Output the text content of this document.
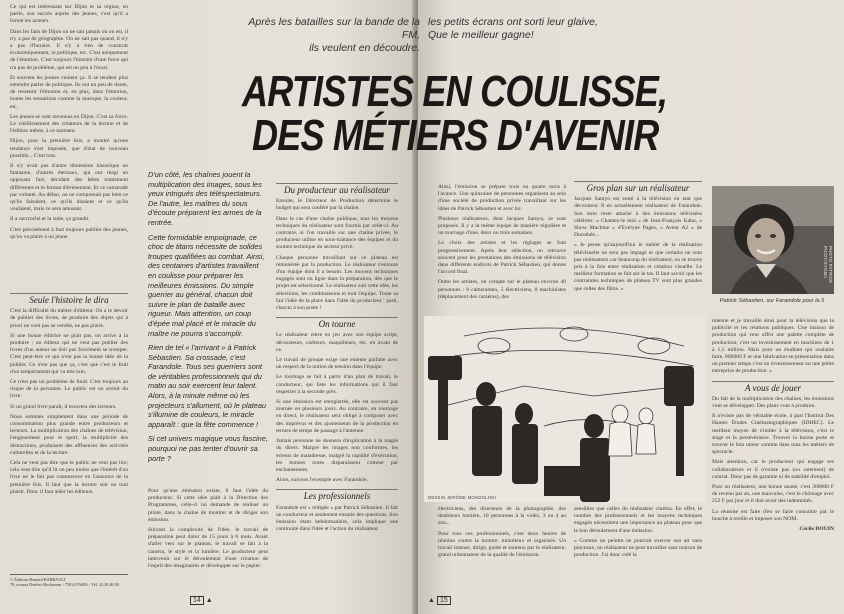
Ce qui est intéressant sur Dijon et sa région, en partie, son succès auprès des jeunes, c'est qu'il a formé les acteurs.

Dans les faits de Dijon on ne sait jamais où on est, il n'y a pas de géographie. On ne sait pas quand, il n'y a pas d'horaire. Il n'y a rien de construit économiquement, ni politique, etc. C'est uniquement de l'émotion. C'est toujours l'histoire d'une force qui n'a pas de problème, qui est un peu à l'écart.

Et souvent les jeunes veulent ça. Il se tendent plus entendre parler de politique. Ils ont un peu de doute, de ressentir l'émotion et, en plus, dans l'émotion, toutes les sensations comme la musique, la couleur, etc.

Les jeunes se sont reconnus en Dijon. C'est sa force. Le vieillissement des créateurs de la lecture et de l'édition même, à ce moment.

Dijon, pour la première fois, a montré qu'une tendance s'est imposée, que d'état de nouveau possible... C'est tout.

Il n'y avait pas d'autre dimension historique un fantasme, d'autres éternaux, qui ont réagi en opposant l'art, décidant des bêtes totalement différentes et le format d'événement. Et ce camarade par volonté. Au début, on ne comprenait pas bien ce qu'ils faisaient, ce qu'ils disaient et ce qu'ils voulaient, mais ce sera amusant.

Il a raccroché et la suite, ça grandit.

C'est précisément à faut toujours publier des jeunes, qu'on va plaire à un jeune.

Seule l'histoire le dira

C'est la difficulté du métier d'éditeur. On a le devoir de publier des livres, de produire des objets qui à priori ne vont pas se vendre, ne pas plaire.

Si une bonne éditrice ne plait pas, on arrive à la produire ; un éditeur qui ne veut pas publier des livres d'un auteur ne doit pas forcément se tromper. C'est peut-être ce qui n'est pas la bonne idée de la publier. Ce n'est pas que ça, c'est que c'est le fruit d'un tempérament qui va très loin.

Ce n'est pas un problème de fond. C'est toujours au risque de la personne. Le public est un avenir du livre.

Si un grand livre paraît, il trouvera des lecteurs.

Nous sommes simplement dans une période de consommation plus grande entre producteurs et lecteurs. La multiplication des chaînes de télévision, l'engouement pour le sport, la multiplicité des distractions, produisent des affluences des activités culturelles et de la lecture.

Cela ne veut pas dire que le public ne veut pas lire; cela veut dire qu'il lit un peu moins que l'intérêt d'un livre ne le fait pas commencer en l'annonce de la première fois. Il faut que la lecture soit un tout plaisir. Donc il faut aider les éditeurs.

© Éditions Bernard BARRAULT
79, avenue Denfert-Rochereau - 75014 PARIS - Tél. 43.20.46.98

D'un côté, les chaînes jouent la multiplication des images, sous les yeux intrigués des téléspectateurs. De l'autre, les maîtres du sous d'écoute préparent les armes de la rentrée.

Cette formidable empoignade, ce choc de titans nécessite de solides troupes qualifiées au combat. Ainsi, des centaines d'artistes travaillent en coulisse pour préparer les meilleures émissions. Du simple guerrier au général, chacun doit suivre le plan de bataille avec rigueur. Mais attention, un coup d'épée mal placé et le miracle du maître ne pourra s'accomplir.

Rien de tel « l'arrivant » à Patrick Sébastien. Sa crossade, c'est Farandole. Tous ses guerriers sont de véritables professionnels qui du matin au soir exercent leur talent. Alors, à la minute même où les projecteurs s'allument, où le plateau s'illumine de couleurs, le miracle apparaît : que la fête commence !

Si cet univers magique vous fascine, pourquoi ne pas tenter d'ouvrir sa porte ?

Pour qu'une émission existe, il faut l'idée du producteur. Si cette idée plaît à la Direction des Programmes, celle-ci lui demande de réaliser un pilote, dans la chaîne de montrer et de diriger son émission.

Suivant la complexité de l'idée, le travail de préparation peut durer de 15 jours à 6 mois. Avant d'aller vers sur le plateau, le travail se fait à la caméra, le style et la lumière. Le producteur peut intervenir sur le déroulement d'une création de l'esprit des imaginaires et développer sur le papier.

Du producteur au réalisateur

Ensuite, le Directeur de Production détermine le budget qui sera conféré par la chaîne.

Dans le cas d'une chaîne publique, tous les moyens techniques du réalisateur sont fournis par celle-ci. Au contraire, si l'on travaille sur une chaîne privée, le producteur utilise en sous-traitance des équipes et du soutien technique du secteur privé.

Chaque personne travaillant sur ce plateau est rémunérée par la production. Le réalisateur s'entoure d'un équipe dont il a besoin. Les moyens techniques engagés sont en ligne dans la préparation, dès que le projet est sélectionné. Le réalisateur suit cette idée, les sélections, les combinaisons et tout l'équipe. Toute sa fait l'idée de la place dans l'idée du producteur : parti, chacun à son poste !

On tourne

Le réalisateur entre en jeu avec son équipe script, décorateurs, cadreurs, maquilleurs, etc. en avant de ce.

Le travail de groupe exige une entente parfaite avec un respect de la notion de tension dans l'équipe.

Le tournage se fait à partir d'un plan de travail, le conducteur, qui liste les informations qui il faut respecter à la seconde près.

Si une émission est enregistrée, elle est souvent pas tournée en plusieurs jours. Au contraire, en tournage en direct, le réalisateur sera obligé à composer avec des imprévus et des ajustements de la production en termes de temps de passage à l'antenne.

Jamais personne ne donnera d'explication à la magie du direct. Malgré les images non conformes, les erreurs de maladresse, malgré la rapidité d'exécution, les bonnes notes disparaissent comme par enchantement.

Alors, suivons l'exemple avec Farandole.

Les professionnels

Farandole est « rédigée » par Patrick Sébastien. Il fait un conducteur et seulement ensuite des questions. Son émission étant hebdomadaire, cela implique une continuité dans l'idée et l'action du réalisateur.

14 ▲

Ainsi, l'émission se prépare trois ou quatre mois à l'avance. Une quinzaine de personnes organisent au sein d'une société de production privée travaillant sur les idées de Patrick Sébastien et avec lui.

Plusieurs réalisateurs, dont Jacques Samyn, se sont proposés. Il y a la même équipe de manière régulière et un tournage d'une, deux ou trois semaines.

Le choix des artistes et les réglages se font progressivement. Après leur sélection, on retrouve souvent pour les prestations des émissions de télévision dans différents endroits de Patrick Sébastien, qui donne l'accord final.

Outre les artistes, on compte sur le plateau environ 40 personnes : 8 cameramen, 5 électriciens, 8 machinistes (déplacement des caméras), des

Gros plan sur un réalisateur

Jacques Samyn est entré à la télévision en tant que décorateur. Il en actuellement réalisateur de Farandole. Son nom reste attaché à des émissions télévisées célèbres: « Chantez-le moi » de Jean-François Kahn, « Show Machine » d'Evelyne Pages, « Avent A2 » de Dorothée...

« Je pense qu'aujourd'hui le métier de la réalisation télévisuelle ne sera pas impagé et que certains ne sont pas réalisateurs car beaucoup du réalisateur, on se trouve pris à la fois entre réalisation et création visuelle. Le meilleur formation se fait sur le tas. Il faut savoir que les contraintes techniques de plateau TV sont plus grandes que celles des films. »

PHOTO PATRICE PICOT/SYGMA
Patrick Sébastien, sur Farandole pour la 5
DESSIN JÉRÔME MONDOLONI

électriciens, des directeurs de la photographie, des doubleurs lumière, 10 personnes à la vidéo, 3 ou 4 au son...

Pour tous ces professionnels, c'est deux heures de réunion contre la montre, minutieux et organisés. Un travail intense, dirigé, guidé et soutenu par le réalisateur, grand ordonnateur de la qualité de l'émission.

sensibles que celles du réalisateur cinéma. En effet, le nombre des professionnels et les moyens techniques engagés nécessitent une importance au plateau pour que le bon déroulement d'une émission.

« Comme un peintre ne pourrait exercer son art sans pinceaux, un réalisateur ne peut travailler sans maison de production. J'ai donc créé la

mienne et je travaille ainsi pour la télévision que la publicité et les relations publiques. Une maison de production qui veut offrir une palette complète de production, c'est un investissement en machines de 1 à 1,5 million. Mais pour un étudiant qui souhaite faire, 800000 F et une fabrication en présentation dans un premier temps c'est un investissement ou une petite entreprise de production. »

A vous de jouer

Du fait de la multiplication des chaînes, les émissions vont se développer. Des plans vont à produire.

Il n'existe pas de véritable école, à part l'Institut Des Hautes Études Cinématographiques (IDHEC). Le meilleur moyen de s'initier à la télévision, c'est le stage et la persévérance. Trouver la bonne porte et trouver le bon tuteur comme dans tous les métiers de spectacle.

Mais attention, car le producteur qui engage ses collaborateurs et il n'existe pas (ou rarement) de contrat. Donc pas de garantie ni de stabilité d'emploi.

Pour un réalisateur, une bonne année, c'est 300000 F de revenu par an, une mauvaise, c'est le chômage avec 252 F par jour et il doit avoir des indemnités.

La réussite est faite d'en se faire connaître par le bouche à oreille et imposer son NOM.

Cécile DOUIN

▲ 15
Après les batailles sur la bande de la FM,
ils veulent en découdre.
les petits écrans ont sorti leur glaive,
Que le meilleur gagne!
ARTISTES EN COULISSE,
DES MÉTIERS D'AVENIR
